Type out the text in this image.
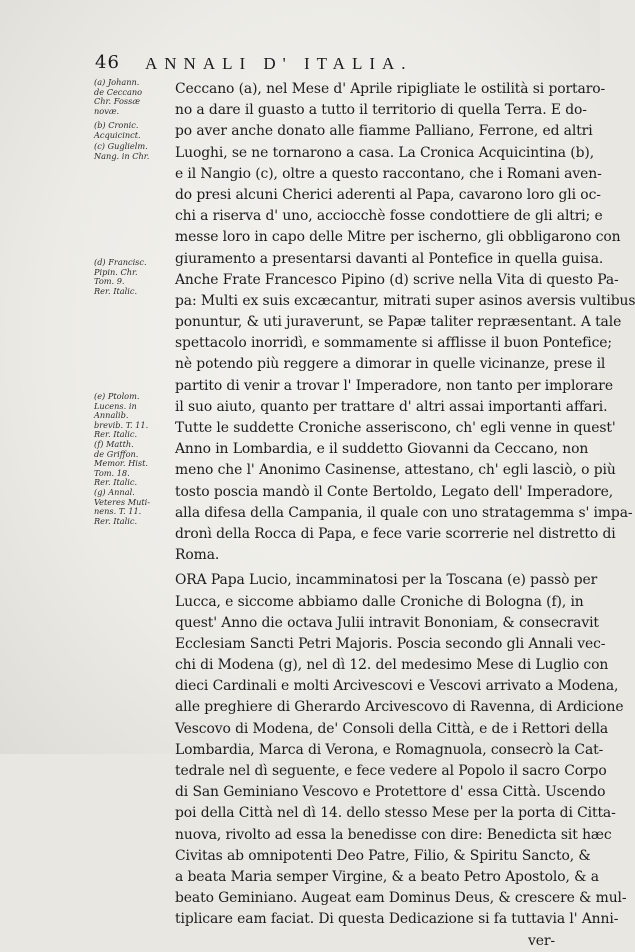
46 ANNALI D' ITALIA.
(a) Johann.
de Ceccano
Chr. Fossæ
novæ.
(b) Cronic.
Acquicinct.
(c) Guglielm.
Nang. in Chr.
(d) Francisc.
Pipin. Chr.
Tom. 9.
Rer. Italic.
(e) Ptolom.
Lucens. in
Annalib.
brevib. T. 11.
Rer. Italic.
(f) Matth.
de Griffon.
Memor. Hist.
Tom. 18.
Rer. Italic.
(g) Annal.
Veteres Muti-
nens. T. 11.
Rer. Italic.
Ceccano (a), nel Mese d' Aprile ripigliate le ostilità si portaro-
no a dare il guasto a tutto il territorio di quella Terra. E do-
po aver anche donato alle fiamme Palliano, Ferrone, ed altri
Luoghi, se ne tornarono a casa. La Cronica Acquicintina (b),
e il Nangio (c), oltre a questo raccontano, che i Romani aven-
do presi alcuni Cherici aderenti al Papa, cavarono loro gli oc-
chi a riserva d' uno, acciocchè fosse condottiere de gli altri; e
messe loro in capo delle Mitre per ischerno, gli obbligarono con
giuramento a presentarsi davanti al Pontefice in quella guisa.
Anche Frate Francesco Pipino (d) scrive nella Vita di questo Pa-
pa: Multi ex suis excæcantur, mitrati super asinos aversis vultibus
ponuntur, & uti juraverunt, se Papæ taliter repræsentant. A tale
spettacolo inorridì, e sommamente si afflisse il buon Pontefice;
nè potendo più reggere a dimorar in quelle vicinanze, prese il
partito di venir a trovar l' Imperadore, non tanto per implorare
il suo aiuto, quanto per trattare d' altri assai importanti affari.
Tutte le suddette Croniche asseriscono, ch' egli venne in quest'
Anno in Lombardia, e il suddetto Giovanni da Ceccano, non
meno che l' Anonimo Casinense, attestano, ch' egli lasciò, o più
tosto poscia mandò il Conte Bertoldo, Legato dell' Imperadore,
alla difesa della Campania, il quale con uno stratagemma s' impa-
dronì della Rocca di Papa, e fece varie scorrerie nel distretto di
Roma.
ORA Papa Lucio, incamminatosi per la Toscana (e) passò per
Lucca, e siccome abbiamo dalle Croniche di Bologna (f), in
quest' Anno die octava Julii intravit Bononiam, & consecravit
Ecclesiam Sancti Petri Majoris. Poscia secondo gli Annali vec-
chi di Modena (g), nel dì 12. del medesimo Mese di Luglio con
dieci Cardinali e molti Arcivescovi e Vescovi arrivato a Modena,
alle preghiere di Gherardo Arcivescovo di Ravenna, di Ardicione
Vescovo di Modena, de' Consoli della Città, e de i Rettori della
Lombardia, Marca di Verona, e Romagnuola, consecrò la Cat-
tedrale nel dì seguente, e fece vedere al Popolo il sacro Corpo
di San Geminiano Vescovo e Protettore d' essa Città. Uscendo
poi della Città nel dì 14. dello stesso Mese per la porta di Citta-
nuova, rivolto ad essa la benedisse con dire: Benedicta sit hæc
Civitas ab omnipotenti Deo Patre, Filio, & Spiritu Sancto, &
a beata Maria semper Virgine, & a beato Petro Apostolo, & a
beato Geminiano. Augeat eam Dominus Deus, & crescere & mul-
tiplicare eam faciat. Di questa Dedicazione si fa tuttavia l' Anni-
ver-
